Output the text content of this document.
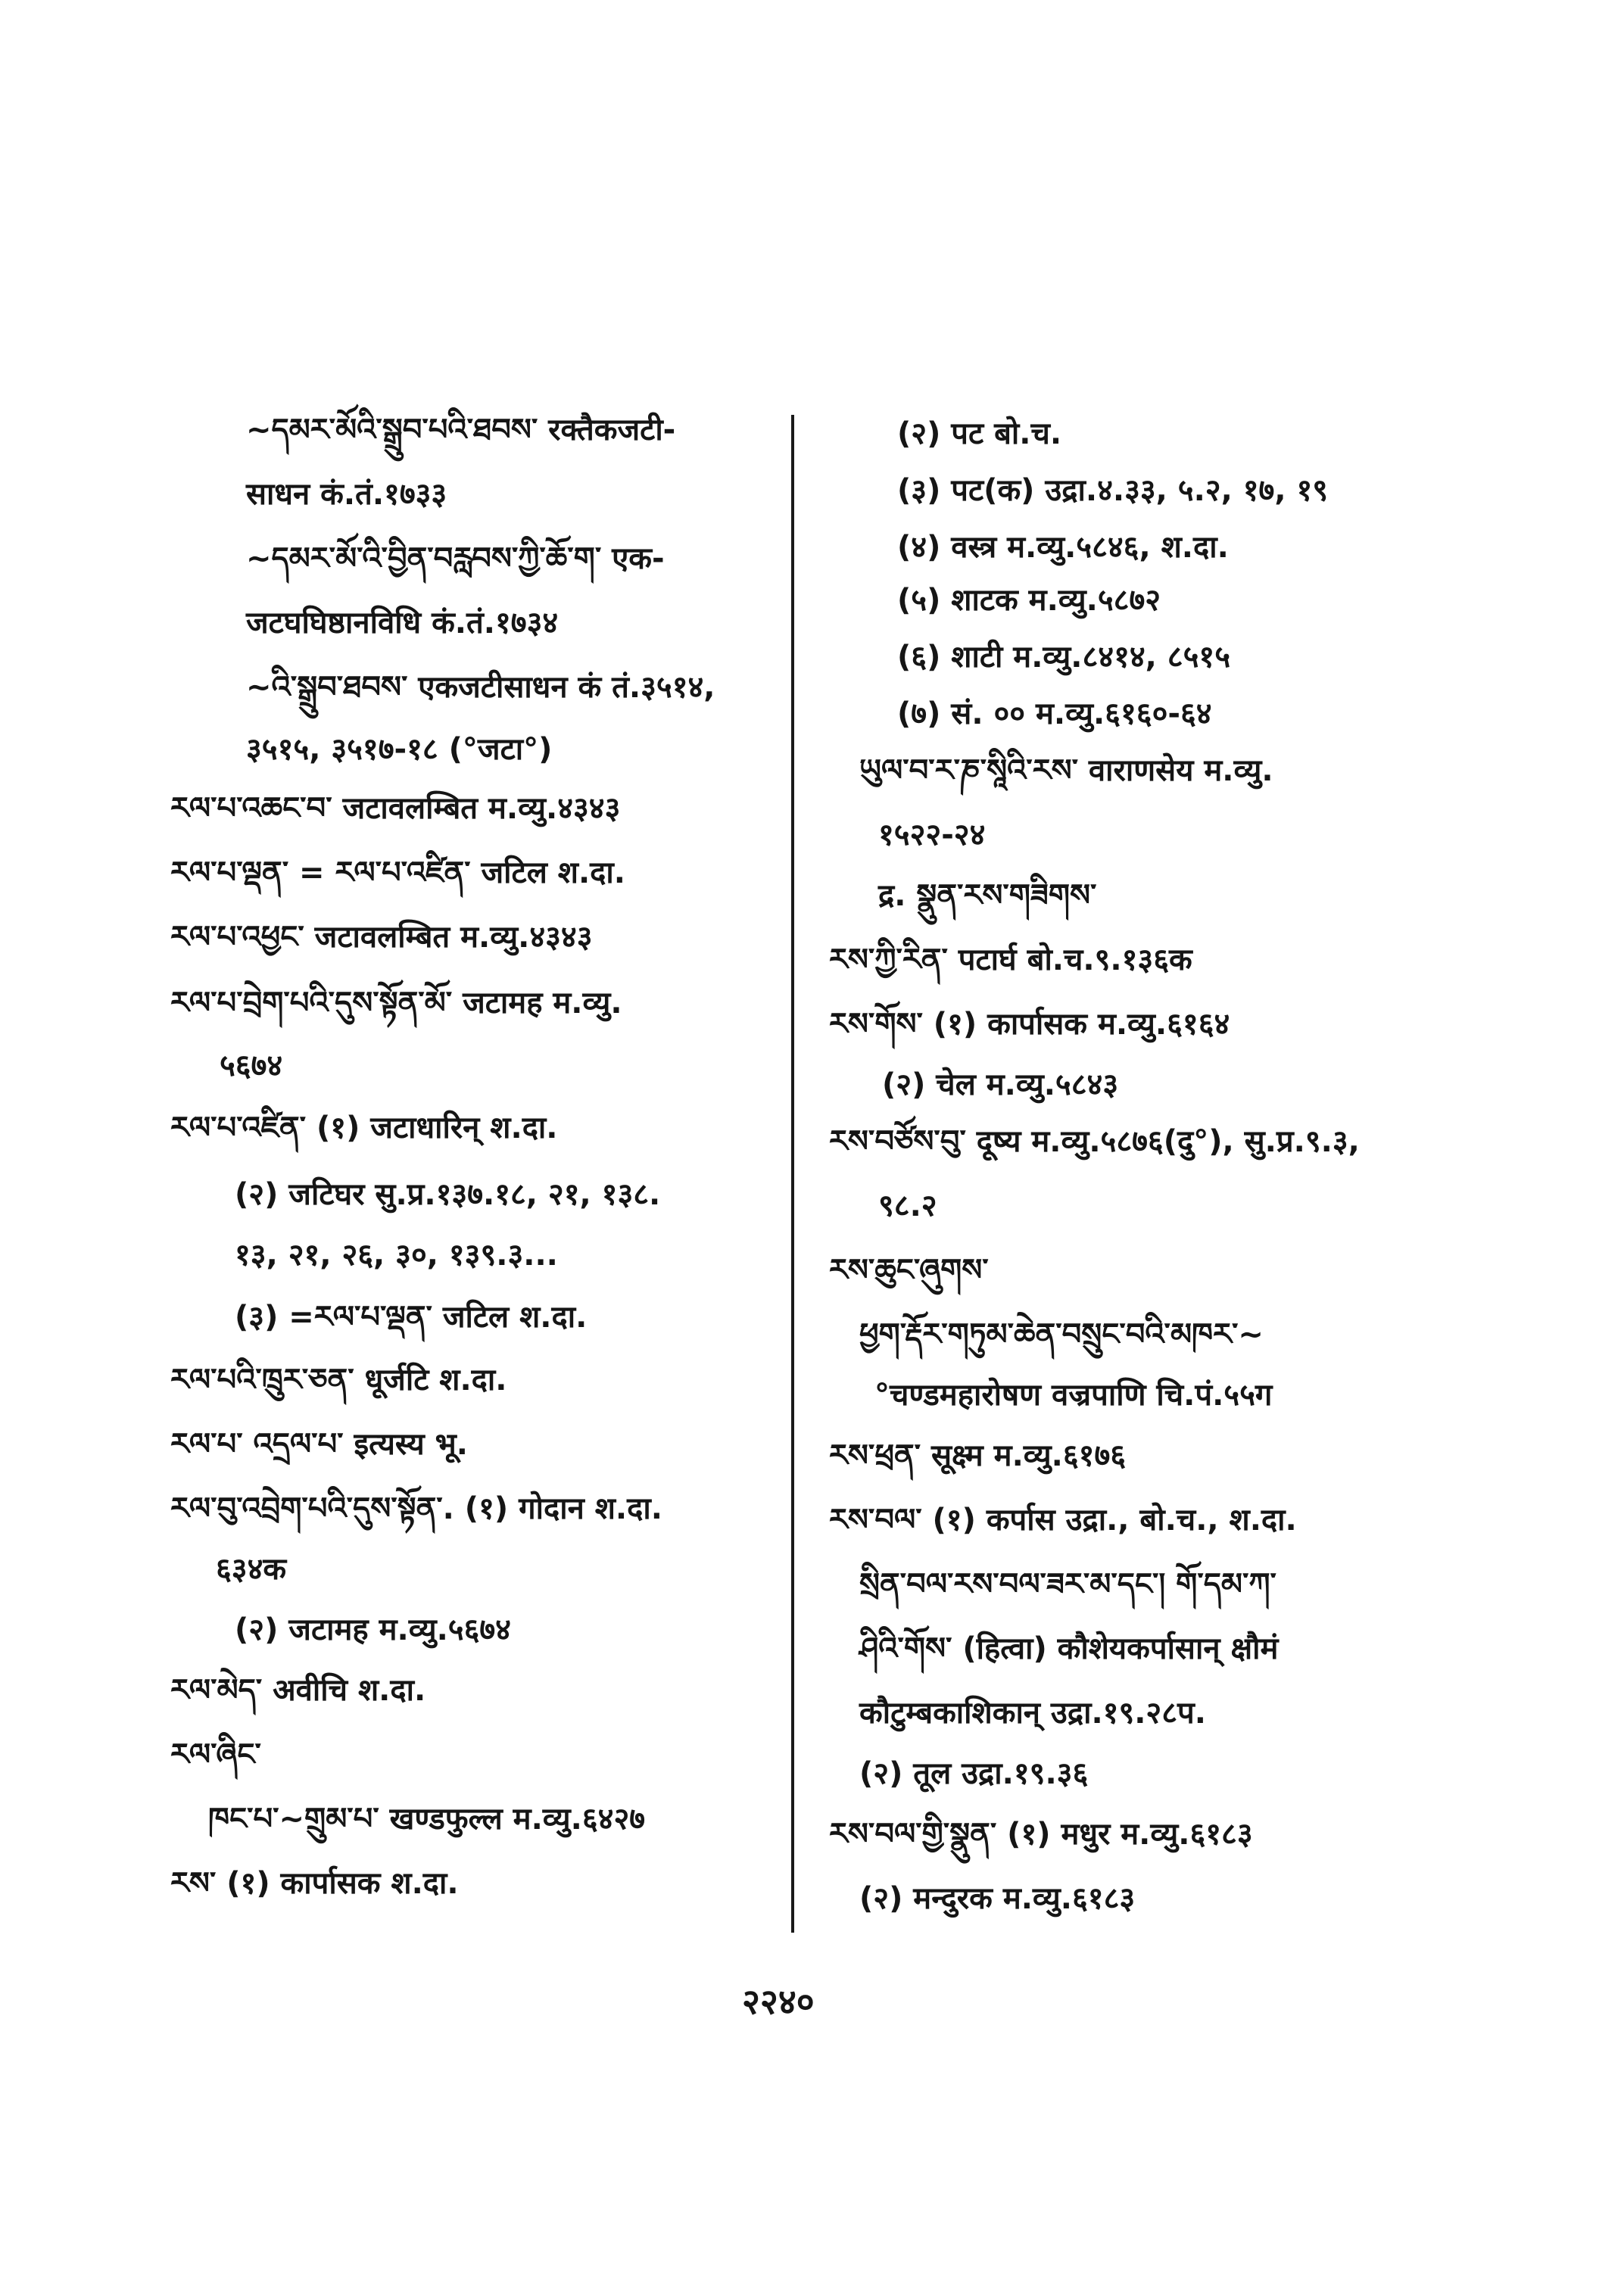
~དམར་མོའི་སྒྲུབ་པའི་ཐབས་ रक्तैकजटी-
साधन कं.तं.१७३३
~དམར་མོ་འི་བྱིན་བརླབས་ཀྱི་ཆོ་ག་ एक-
जटघघिष्ठानविधि कं.तं.१७३४
~འི་སྒྲུབ་ཐབས་ एकजटीसाधन कं तं.३५१४,
३५१५, ३५१७-१८ (°जटा°)
རལ་པ་འཆང་བ་ जटावलम्बित म.व्यु.४३४३
རལ་པ་ལྡན་ = རལ་པ་འཛིན་ जटिल श.दा.
རལ་པ་འཕྱང་ जटावलम्बित म.व्यु.४३४३
རལ་པ་བྲེག་པའི་དུས་སྟོན་མོ་ जटामह म.व्यु.
५६७४
རལ་པ་འཛིན་ (१) जटाधारिन् श.दा.
(२) जटिघर सु.प्र.१३७.१८, २१, १३८.
१३, २१, २६, ३०, १३९.३...
(३) =རལ་པ་ལྡན་ जटिल श.दा.
རལ་པའི་ཁྲུར་ཅན་ धूर्जटि श.दा.
རལ་པ་ འདྲལ་པ་ इत्यस्य भू.
རལ་བུ་འབྲེག་པའི་དུས་སྟོན་. (१) गोदान श.दा.
६३४क
(२) जटामह म.व्यु.५६७४
རལ་མེད་ अवीचि श.दा.
རལ་ཞིང་
ཁང་པ་~གྲུམ་པ་ खण्डफुल्ल म.व्यु.६४२७
རས་ (१) कार्पासक श.दा.
(२) पट बो.च.
(३) पट(क) उद्रा.४.३३, ५.२, १७, १९
(४) वस्त्र म.व्यु.५८४६, श.दा.
(५) शाटक म.व्यु.५८७२
(६) शाटी म.व्यु.८४१४, ८५१५
(७) सं. ०० म.व्यु.६१६०-६४
ཡུལ་བ་ར་ཎ་སཱིའི་རས་ वाराणसेय म.व्यु.
१५२२-२४
द्र. སྣུན་རས་གཟིགས་
རས་ཀྱི་རིན་ पटार्घ बो.च.९.१३६क
རས་གོས་ (१) कार्पासक म.व्यु.६१६४
(२) चेल म.व्यु.५८४३
རས་བཙོས་བུ་ दूष्य म.व्यु.५८७६(दु°), सु.प्र.९.३,
९८.२
རས་ཆུང་ཞུགས་
ཕྱག་རྡོར་གཏུམ་ཆེན་བསྲུང་བའི་མཁར་~
°चण्डमहारोषण वज्रपाणि चि.पं.५५ग
རས་ཕྲན་ सूक्ष्म म.व्यु.६१७६
རས་བལ་ (१) कर्पास उद्रा., बो.च., श.दा.
སྲིན་བལ་རས་བལ་ཟར་མ་དང་། གོ་དམ་ཀ་
ཤིའི་གོས་ (हित्वा) कौशेयकर्पासान् क्षौमं
कौटुम्बकाशिकान् उद्रा.१९.२८प.
(२) तूल उद्रा.१९.३६
རས་བལ་གྱི་སྣུན་ (१) मधुर म.व्यु.६१८३
(२) मन्दुरक म.व्यु.६१८३
२२४०
